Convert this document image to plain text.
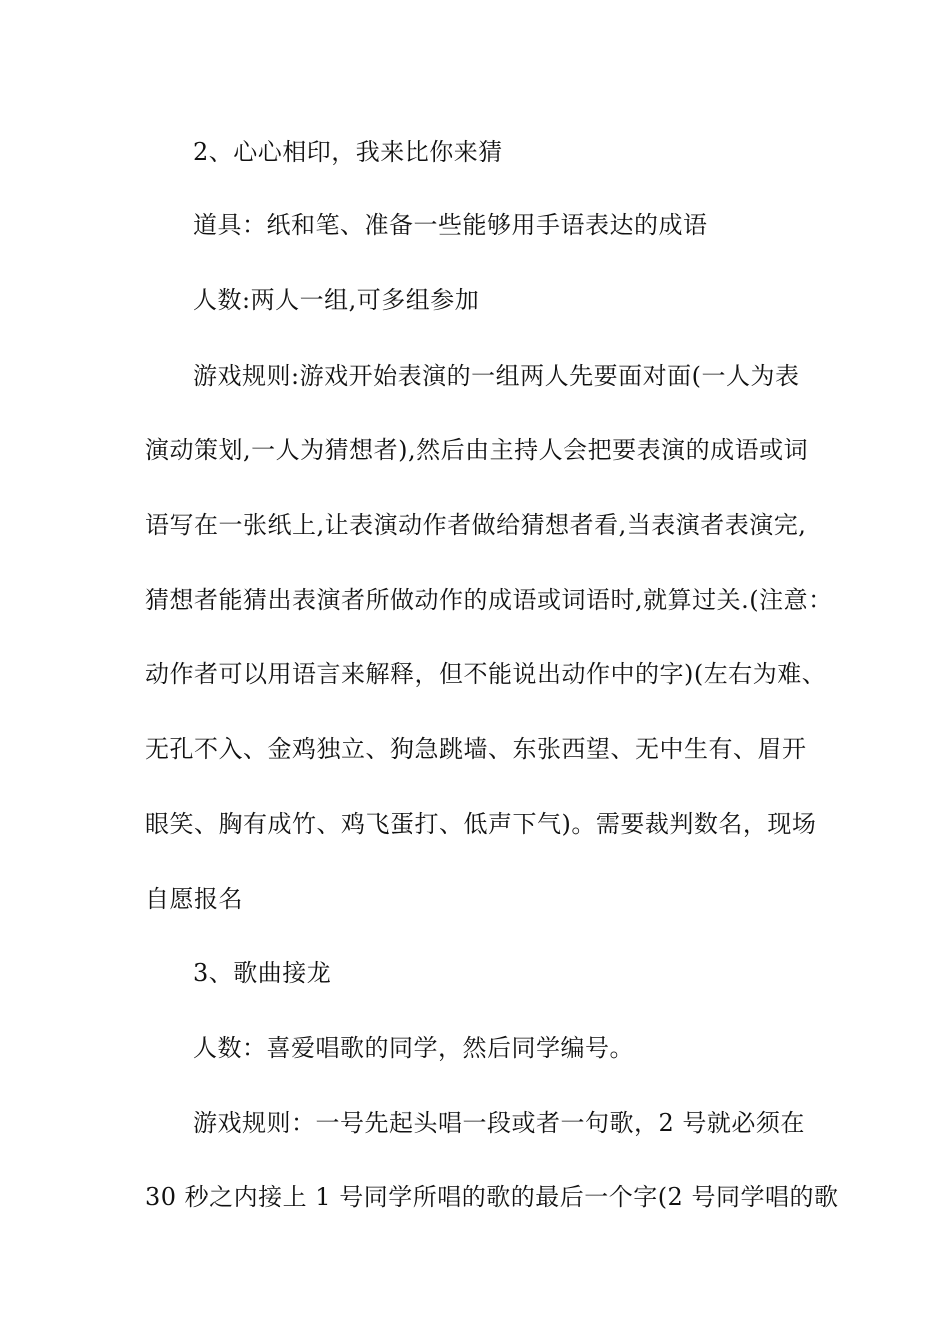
2、心心相印，我来比你来猜
道具：纸和笔、准备一些能够用手语表达的成语
人数:两人一组,可多组参加
游戏规则:游戏开始表演的一组两人先要面对面(一人为表
演动策划,一人为猜想者),然后由主持人会把要表演的成语或词
语写在一张纸上,让表演动作者做给猜想者看,当表演者表演完,
猜想者能猜出表演者所做动作的成语或词语时,就算过关.(注意：
动作者可以用语言来解释，但不能说出动作中的字)(左右为难、
无孔不入、金鸡独立、狗急跳墙、东张西望、无中生有、眉开
眼笑、胸有成竹、鸡飞蛋打、低声下气)。需要裁判数名，现场
自愿报名
3、歌曲接龙
人数：喜爱唱歌的同学，然后同学编号。
游戏规则：一号先起头唱一段或者一句歌，2 号就必须在
30 秒之内接上 1 号同学所唱的歌的最后一个字(2 号同学唱的歌
